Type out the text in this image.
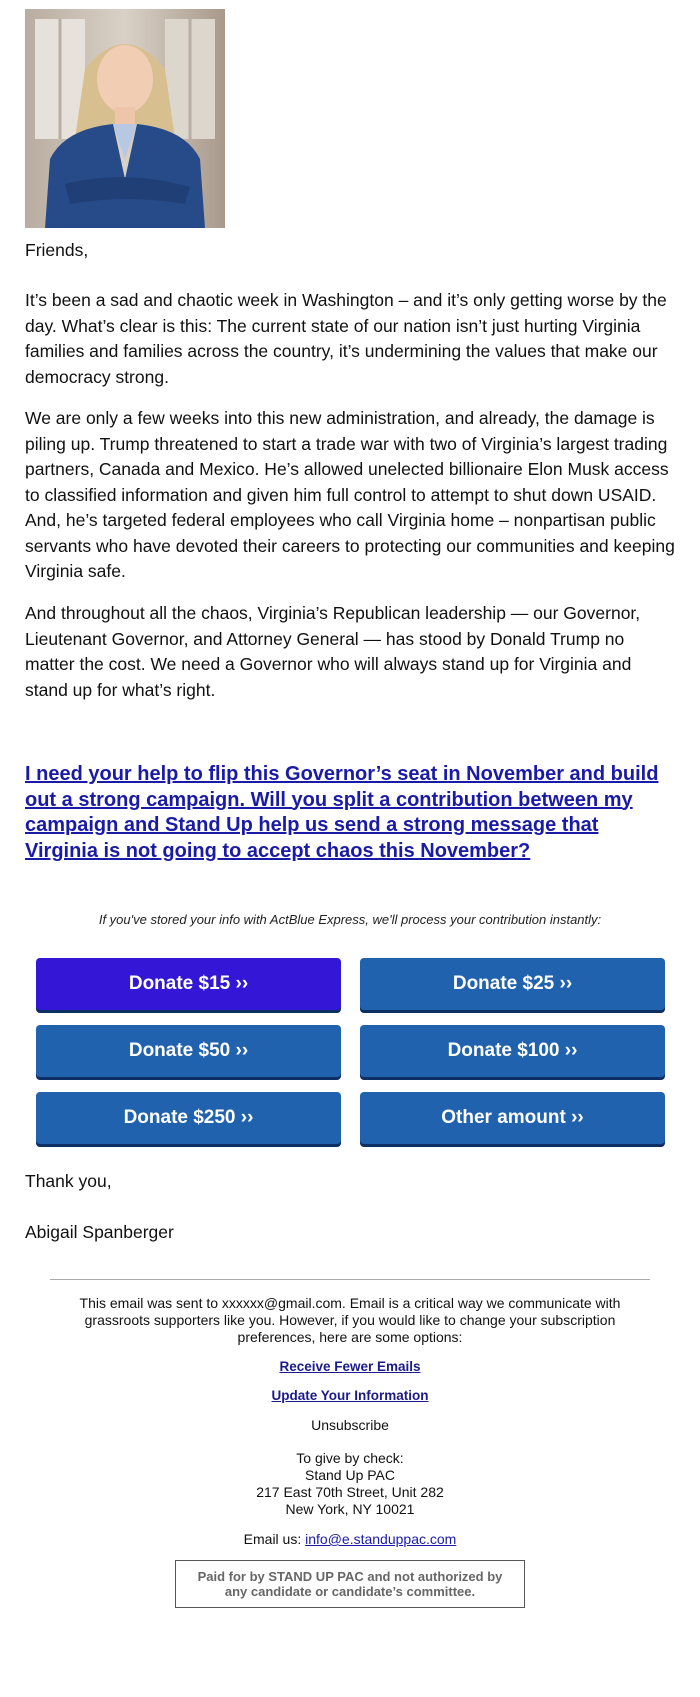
Friends,

It’s been a sad and chaotic week in Washington – and it’s only getting worse by the day. What’s clear is this: The current state of our nation isn’t just hurting Virginia families and families across the country, it’s undermining the values that make our democracy strong.

We are only a few weeks into this new administration, and already, the damage is piling up. Trump threatened to start a trade war with two of Virginia’s largest trading partners, Canada and Mexico. He’s allowed unelected billionaire Elon Musk access to classified information and given him full control to attempt to shut down USAID. And, he’s targeted federal employees who call Virginia home – nonpartisan public servants who have devoted their careers to protecting our communities and keeping Virginia safe.

And throughout all the chaos, Virginia’s Republican leadership — our Governor, Lieutenant Governor, and Attorney General — has stood by Donald Trump no matter the cost. We need a Governor who will always stand up for Virginia and stand up for what’s right.

I need your help to flip this Governor’s seat in November and build out a strong campaign. Will you split a contribution between my campaign and Stand Up help us send a strong message that Virginia is not going to accept chaos this November?
If you've stored your info with ActBlue Express, we'll process your contribution instantly:
Donate $15 ››	Donate $25 ››
Donate $50 ››	Donate $100 ››
Donate $250 ››	Other amount ››

Thank you,

Abigail Spanberger

This email was sent to xxxxxx@gmail.com. Email is a critical way we communicate with grassroots supporters like you. However, if you would like to change your subscription preferences, here are some options:
Receive Fewer Emails
Update Your Information
Unsubscribe
To give by check:
Stand Up PAC
217 East 70th Street, Unit 282
New York, NY 10021
Email us: info@e.standuppac.com
Paid for by STAND UP PAC and not authorized by
any candidate or candidate’s committee.
